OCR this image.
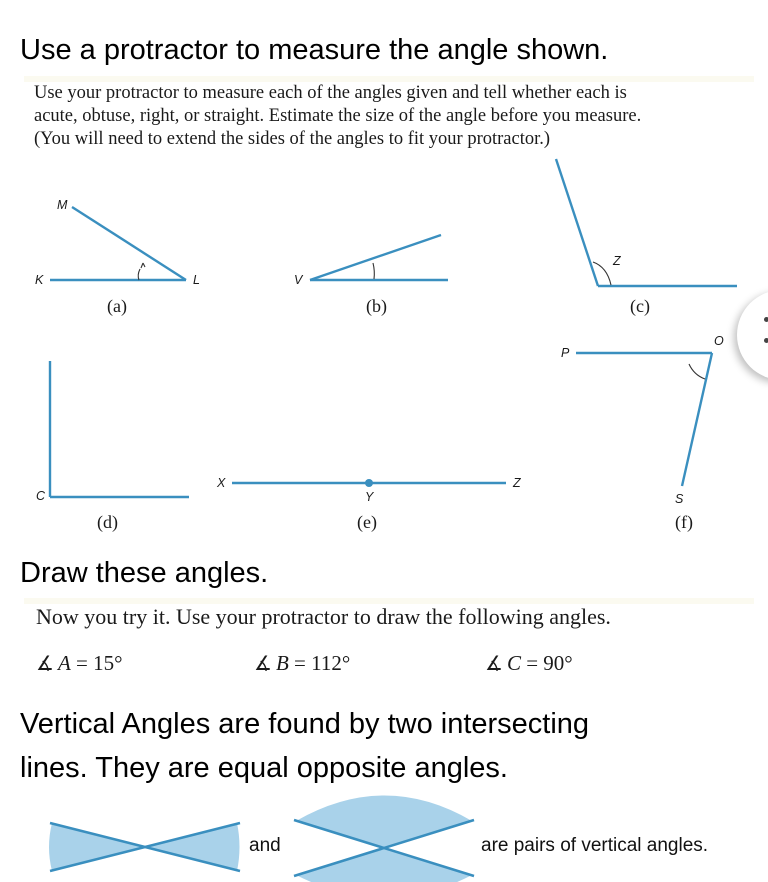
Use a protractor to measure the angle shown.
Use your protractor to measure each of the angles given and tell whether each is
acute, obtuse, right, or straight. Estimate the size of the angle before you measure.
(You will need to extend the sides of the angles to fit your protractor.)
M
K	L	V
Z
C
X
Y
Z
P
O
S
(a)	(b)	(c)
(d)	(e)	(f)
Draw these angles.
Now you try it. Use your protractor to draw the following angles.
∡ A = 15°	∡ B = 112°	∡ C = 90°
Vertical Angles are found by two intersecting
lines. They are equal opposite angles.
and	are pairs of vertical angles.
